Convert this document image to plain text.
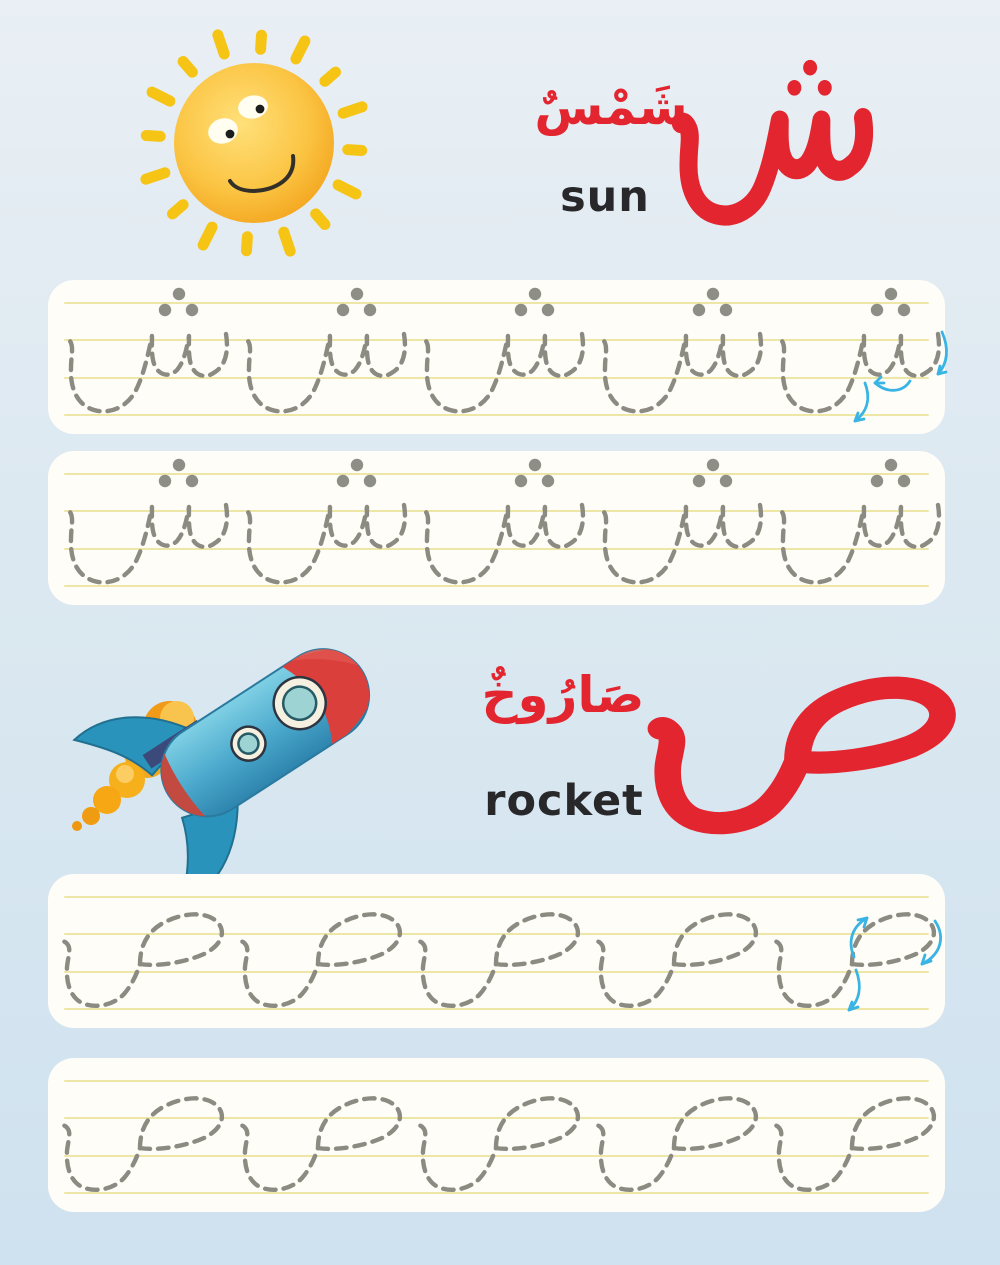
شَمْسٌ
sun
صَارُوخٌ
rocket
